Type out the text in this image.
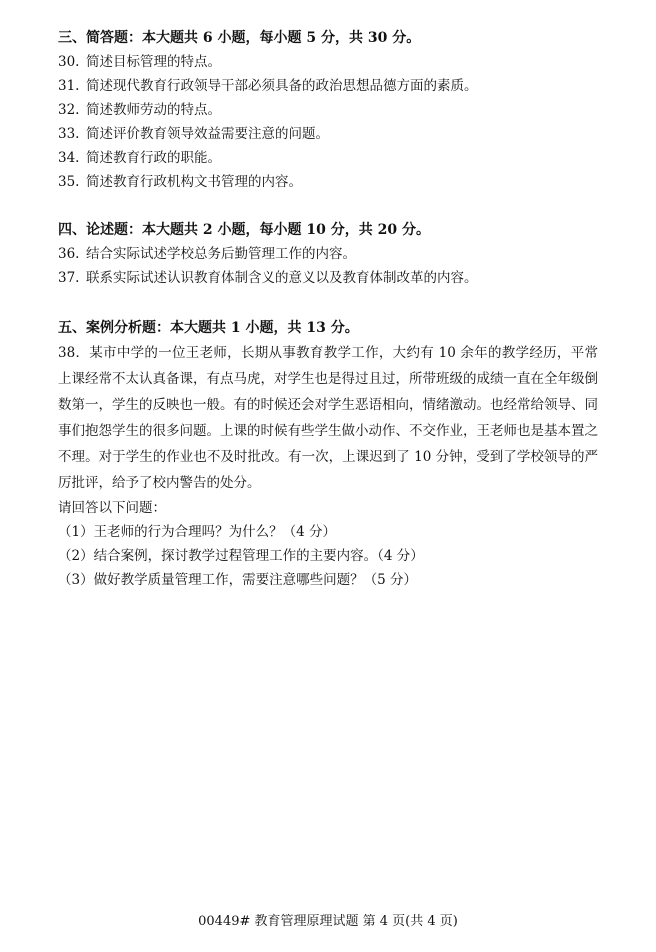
三、简答题：本大题共 6 小题，每小题 5 分，共 30 分。
30. 简述目标管理的特点。
31. 简述现代教育行政领导干部必须具备的政治思想品德方面的素质。
32. 简述教师劳动的特点。
33. 简述评价教育领导效益需要注意的问题。
34. 简述教育行政的职能。
35. 简述教育行政机构文书管理的内容。
四、论述题：本大题共 2 小题，每小题 10 分，共 20 分。
36. 结合实际试述学校总务后勤管理工作的内容。
37. 联系实际试述认识教育体制含义的意义以及教育体制改革的内容。
五、案例分析题：本大题共 1 小题，共 13 分。

38．某市中学的一位王老师，长期从事教育教学工作，大约有 10 余年的教学经历，平常上课经常不太认真备课，有点马虎，对学生也是得过且过，所带班级的成绩一直在全年级倒数第一，学生的反映也一般。有的时候还会对学生恶语相向，情绪激动。也经常给领导、同事们抱怨学生的很多问题。上课的时候有些学生做小动作、不交作业，王老师也是基本置之不理。对于学生的作业也不及时批改。有一次，上课迟到了 10 分钟，受到了学校领导的严厉批评，给予了校内警告的处分。

请回答以下问题：
（1）王老师的行为合理吗？为什么？（4 分）
（2）结合案例，探讨教学过程管理工作的主要内容。（4 分）
（3）做好教学质量管理工作，需要注意哪些问题？（5 分）
00449# 教育管理原理试题 第 4 页(共 4 页)
